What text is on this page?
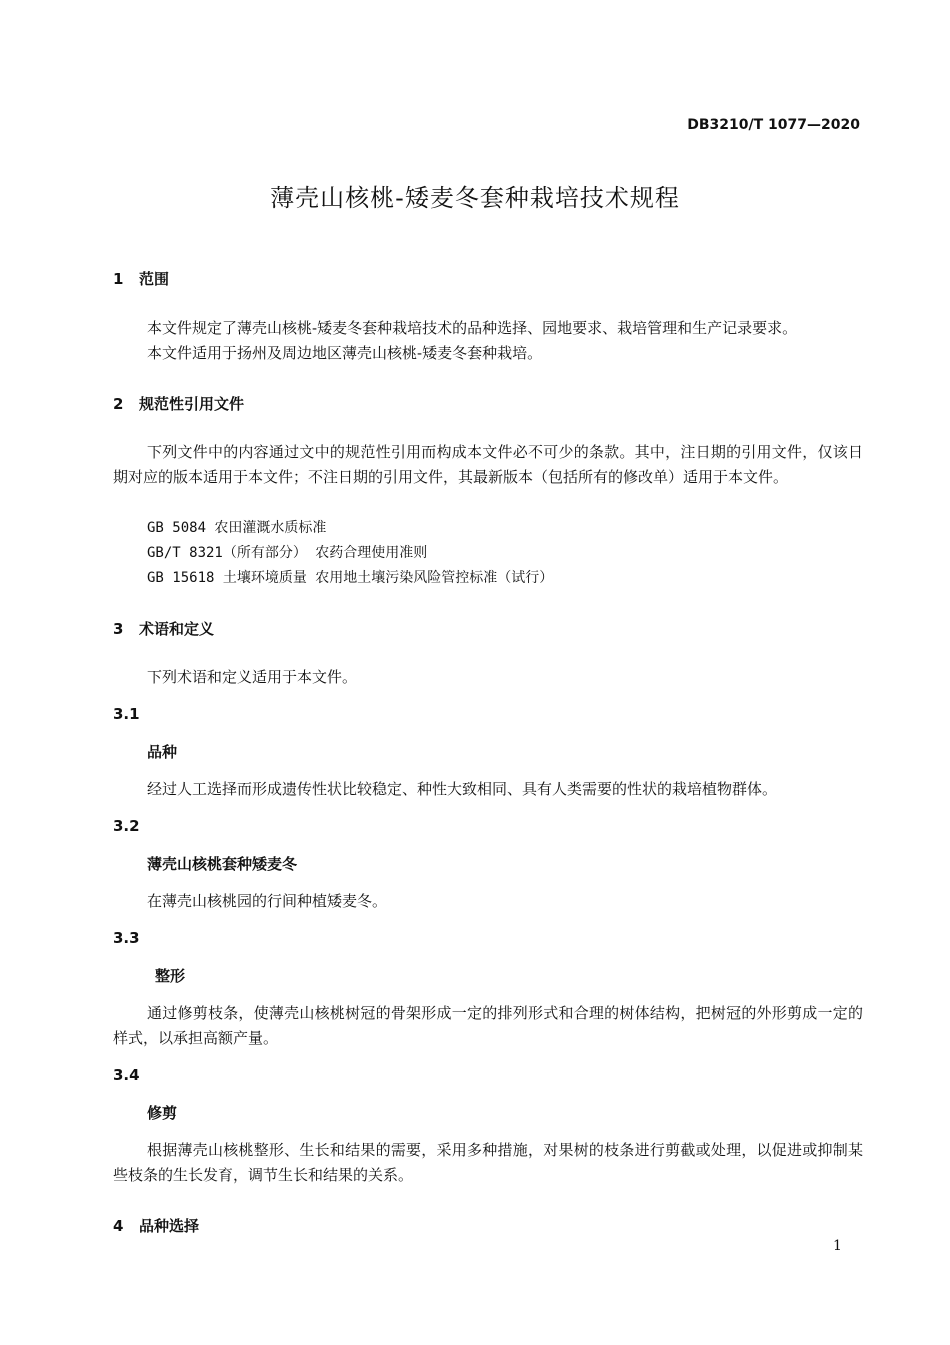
DB3210/T 1077—2020
薄壳山核桃-矮麦冬套种栽培技术规程
1 范围
本文件规定了薄壳山核桃-矮麦冬套种栽培技术的品种选择、园地要求、栽培管理和生产记录要求。
本文件适用于扬州及周边地区薄壳山核桃-矮麦冬套种栽培。
2 规范性引用文件
下列文件中的内容通过文中的规范性引用而构成本文件必不可少的条款。其中，注日期的引用文件，仅该日期对应的版本适用于本文件；不注日期的引用文件，其最新版本（包括所有的修改单）适用于本文件。
GB 5084 农田灌溉水质标准
GB/T 8321（所有部分） 农药合理使用准则
GB 15618 土壤环境质量 农用地土壤污染风险管控标准（试行）
3 术语和定义
下列术语和定义适用于本文件。
3.1
品种
经过人工选择而形成遗传性状比较稳定、种性大致相同、具有人类需要的性状的栽培植物群体。
3.2
薄壳山核桃套种矮麦冬
在薄壳山核桃园的行间种植矮麦冬。
3.3
整形
通过修剪枝条，使薄壳山核桃树冠的骨架形成一定的排列形式和合理的树体结构，把树冠的外形剪成一定的样式，以承担高额产量。
3.4
修剪
根据薄壳山核桃整形、生长和结果的需要，采用多种措施，对果树的枝条进行剪截或处理，以促进或抑制某些枝条的生长发育，调节生长和结果的关系。
4 品种选择
1
